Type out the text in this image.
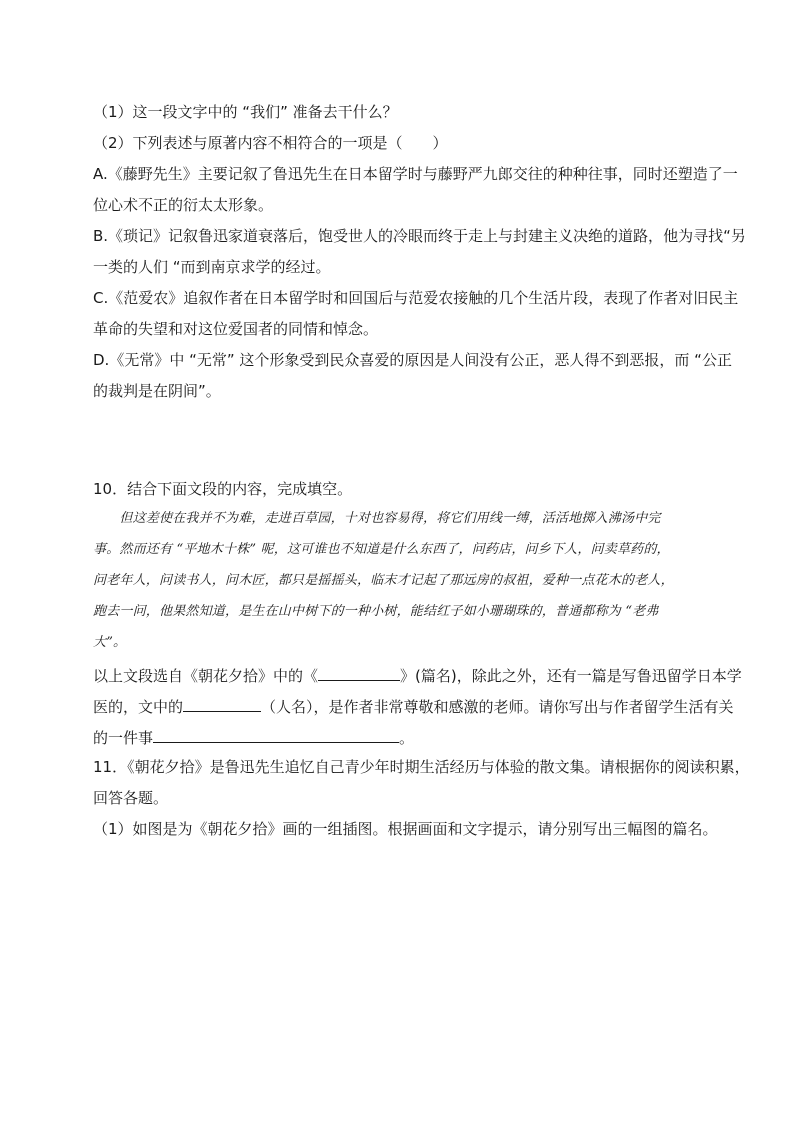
（1）这一段文字中的 “我们” 准备去干什么？
（2）下列表述与原著内容不相符合的一项是（　　）
A.《藤野先生》主要记叙了鲁迅先生在日本留学时与藤野严九郎交往的种种往事，同时还塑造了一
位心术不正的衍太太形象。
B.《琐记》记叙鲁迅家道衰落后，饱受世人的冷眼而终于走上与封建主义决绝的道路，他为寻找“另
一类的人们 “而到南京求学的经过。
C.《范爱农》追叙作者在日本留学时和回国后与范爱农接触的几个生活片段，表现了作者对旧民主
革命的失望和对这位爱国者的同情和悼念。
D.《无常》中 “无常” 这个形象受到民众喜爱的原因是人间没有公正，恶人得不到恶报，而 “公正
的裁判是在阴间”。
10．结合下面文段的内容，完成填空。
　　但这差使在我并不为难，走进百草园，十对也容易得，将它们用线一缚，活活地掷入沸汤中完
事。然而还有 “平地木十株” 呢，这可谁也不知道是什么东西了，问药店，问乡下人，问卖草药的，
问老年人，问读书人，问木匠，都只是摇摇头，临末才记起了那远房的叔祖，爱种一点花木的老人，
跑去一问，他果然知道，是生在山中树下的一种小树，能结红子如小珊瑚珠的，普通都称为 “老弗
大”。
以上文段选自《朝花夕拾》中的《	》(篇名)，除此之外，还有一篇是写鲁迅留学日本学
医的，文中的	（人名），是作者非常尊敬和感激的老师。请你写出与作者留学生活有关
的一件事	。
11．《朝花夕拾》是鲁迅先生追忆自己青少年时期生活经历与体验的散文集。请根据你的阅读积累，
回答各题。
（1）如图是为《朝花夕拾》画的一组插图。根据画面和文字提示，请分别写出三幅图的篇名。
